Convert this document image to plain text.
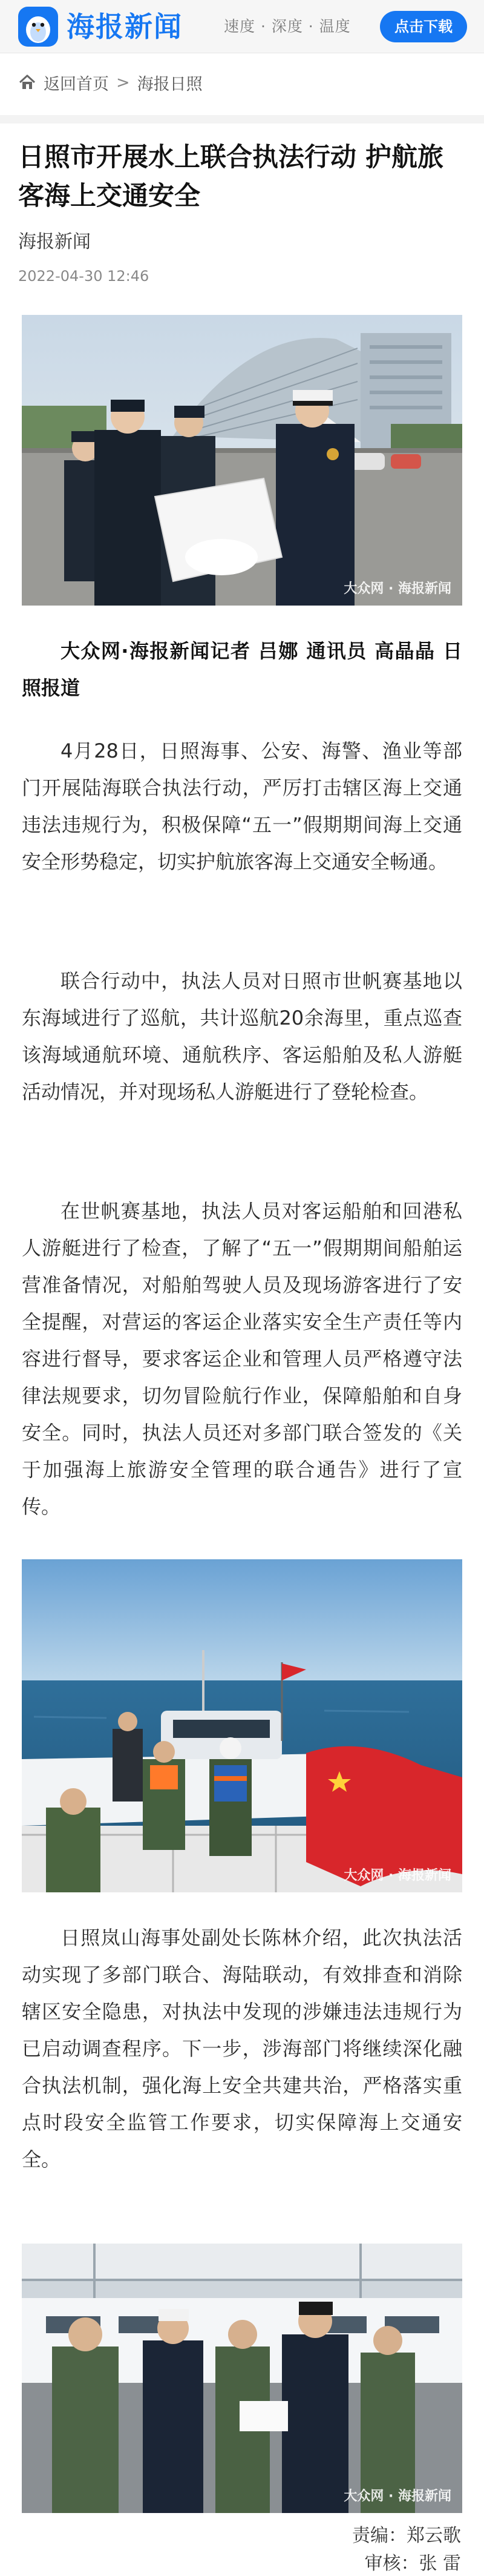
海报新闻	速度 · 深度 · 温度	点击下载
返回首页 > 海报日照
日照市开展水上联合执法行动 护航旅客海上交通安全
海报新闻
2022-04-30 12:46
大众网 · 海报新闻

大众网·海报新闻记者 吕娜 通讯员 高晶晶 日照报道

4月28日，日照海事、公安、海警、渔业等部门开展陆海联合执法行动，严厉打击辖区海上交通违法违规行为，积极保障“五一”假期期间海上交通安全形势稳定，切实护航旅客海上交通安全畅通。

联合行动中，执法人员对日照市世帆赛基地以东海域进行了巡航，共计巡航20余海里，重点巡查该海域通航环境、通航秩序、客运船舶及私人游艇活动情况，并对现场私人游艇进行了登轮检查。

在世帆赛基地，执法人员对客运船舶和回港私人游艇进行了检查，了解了“五一”假期期间船舶运营准备情况，对船舶驾驶人员及现场游客进行了安全提醒，对营运的客运企业落实安全生产责任等内容进行督导，要求客运企业和管理人员严格遵守法律法规要求，切勿冒险航行作业，保障船舶和自身安全。同时，执法人员还对多部门联合签发的《关于加强海上旅游安全管理的联合通告》进行了宣传。

大众网 · 海报新闻

日照岚山海事处副处长陈林介绍，此次执法活动实现了多部门联合、海陆联动，有效排查和消除辖区安全隐患，对执法中发现的涉嫌违法违规行为已启动调查程序。下一步，涉海部门将继续深化融合执法机制，强化海上安全共建共治，严格落实重点时段安全监管工作要求，切实保障海上交通安全。

大众网 · 海报新闻
责编：郑云歌
审核：张 雷
